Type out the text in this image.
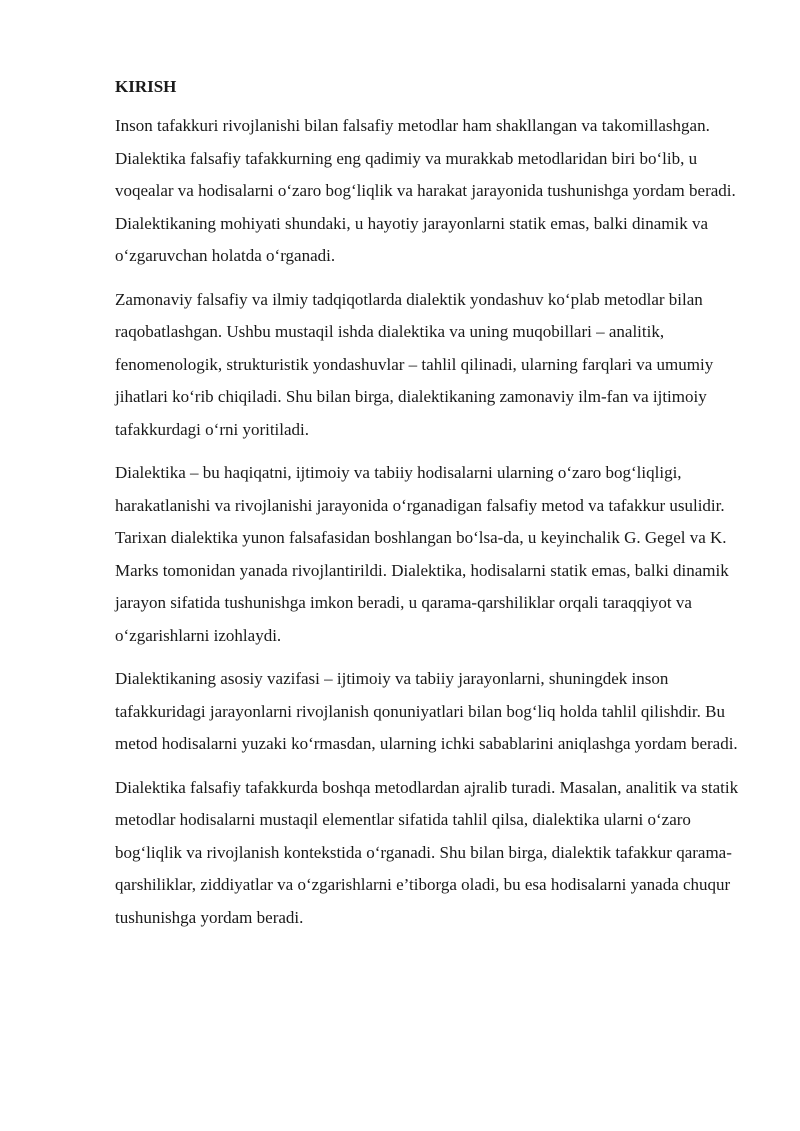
KIRISH

Inson tafakkuri rivojlanishi bilan falsafiy metodlar ham shakllangan va takomillashgan. Dialektika falsafiy tafakkurning eng qadimiy va murakkab metodlaridan biri bo‘lib, u voqealar va hodisalarni o‘zaro bog‘liqlik va harakat jarayonida tushunishga yordam beradi. Dialektikaning mohiyati shundaki, u hayotiy jarayonlarni statik emas, balki dinamik va o‘zgaruvchan holatda o‘rganadi.

Zamonaviy falsafiy va ilmiy tadqiqotlarda dialektik yondashuv ko‘plab metodlar bilan raqobatlashgan. Ushbu mustaqil ishda dialektika va uning muqobillari – analitik, fenomenologik, strukturistik yondashuvlar – tahlil qilinadi, ularning farqlari va umumiy jihatlari ko‘rib chiqiladi. Shu bilan birga, dialektikaning zamonaviy ilm-fan va ijtimoiy tafakkurdagi o‘rni yoritiladi.

Dialektika – bu haqiqatni, ijtimoiy va tabiiy hodisalarni ularning o‘zaro bog‘liqligi, harakatlanishi va rivojlanishi jarayonida o‘rganadigan falsafiy metod va tafakkur usulidir. Tarixan dialektika yunon falsafasidan boshlangan bo‘lsa-da, u keyinchalik G. Gegel va K. Marks tomonidan yanada rivojlantirildi. Dialektika, hodisalarni statik emas, balki dinamik jarayon sifatida tushunishga imkon beradi, u qarama-qarshiliklar orqali taraqqiyot va o‘zgarishlarni izohlaydi.

Dialektikaning asosiy vazifasi – ijtimoiy va tabiiy jarayonlarni, shuningdek inson tafakkuridagi jarayonlarni rivojlanish qonuniyatlari bilan bog‘liq holda tahlil qilishdir. Bu metod hodisalarni yuzaki ko‘rmasdan, ularning ichki sabablarini aniqlashga yordam beradi.

Dialektika falsafiy tafakkurda boshqa metodlardan ajralib turadi. Masalan, analitik va statik metodlar hodisalarni mustaqil elementlar sifatida tahlil qilsa, dialektika ularni o‘zaro bog‘liqlik va rivojlanish kontekstida o‘rganadi. Shu bilan birga, dialektik tafakkur qarama-qarshiliklar, ziddiyatlar va o‘zgarishlarni e’tiborga oladi, bu esa hodisalarni yanada chuqur tushunishga yordam beradi.
